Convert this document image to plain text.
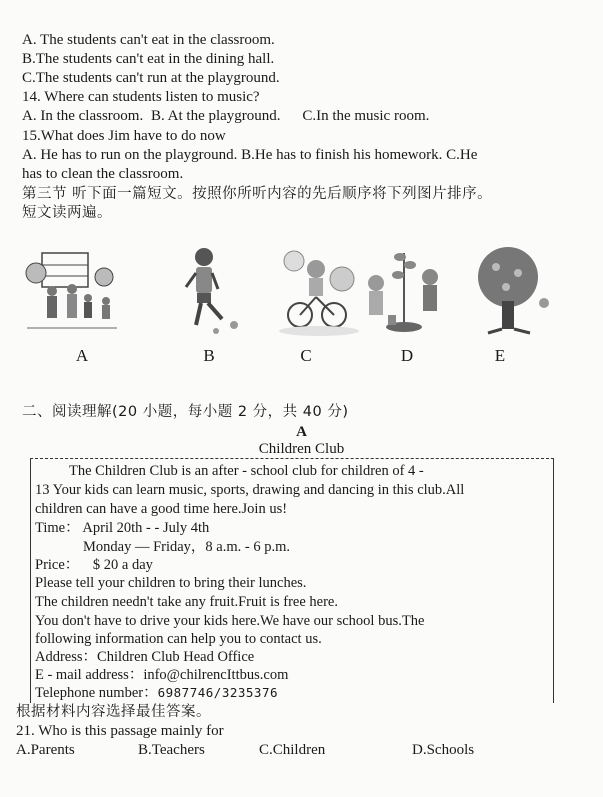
A. The students can't eat in the classroom.
B.The students can't eat in the dining hall.
C.The students can't run at the playground.
14. Where can students listen to music?
A. In the classroom. B. At the playground. C.In the music room.
15.What does Jim have to do now
A. He has to run on the playground. B.He has to finish his homework. C.He
has to clean the classroom.
第三节 听下面一篇短文。按照你所听内容的先后顺序将下列图片排序。
短文读两遍。
A	B	C	D	E
二、阅读理解(20 小题，每小题 2 分，共 40 分)
A
Children Club
The Children Club is an after - school club for children of 4 -
13 Your kids can learn music, sports, drawing and dancing in this club.All
children can have a good time here.Join us!
Time： April 20th - - July 4th
Monday — Friday，8 a.m. - 6 p.m.
Price： $ 20 a day
Please tell your children to bring their lunches.
The children needn't take any fruit.Fruit is free here.
You don't have to drive your kids here.We have our school bus.The
following information can help you to contact us.
Address：Children Club Head Office
E - mail address：info@chilrencIttbus.com
Telephone number：6987746/3235376
根据材料内容选择最佳答案。
21. Who is this passage mainly for
A.Parents	B.Teachers	C.Children	D.Schools
